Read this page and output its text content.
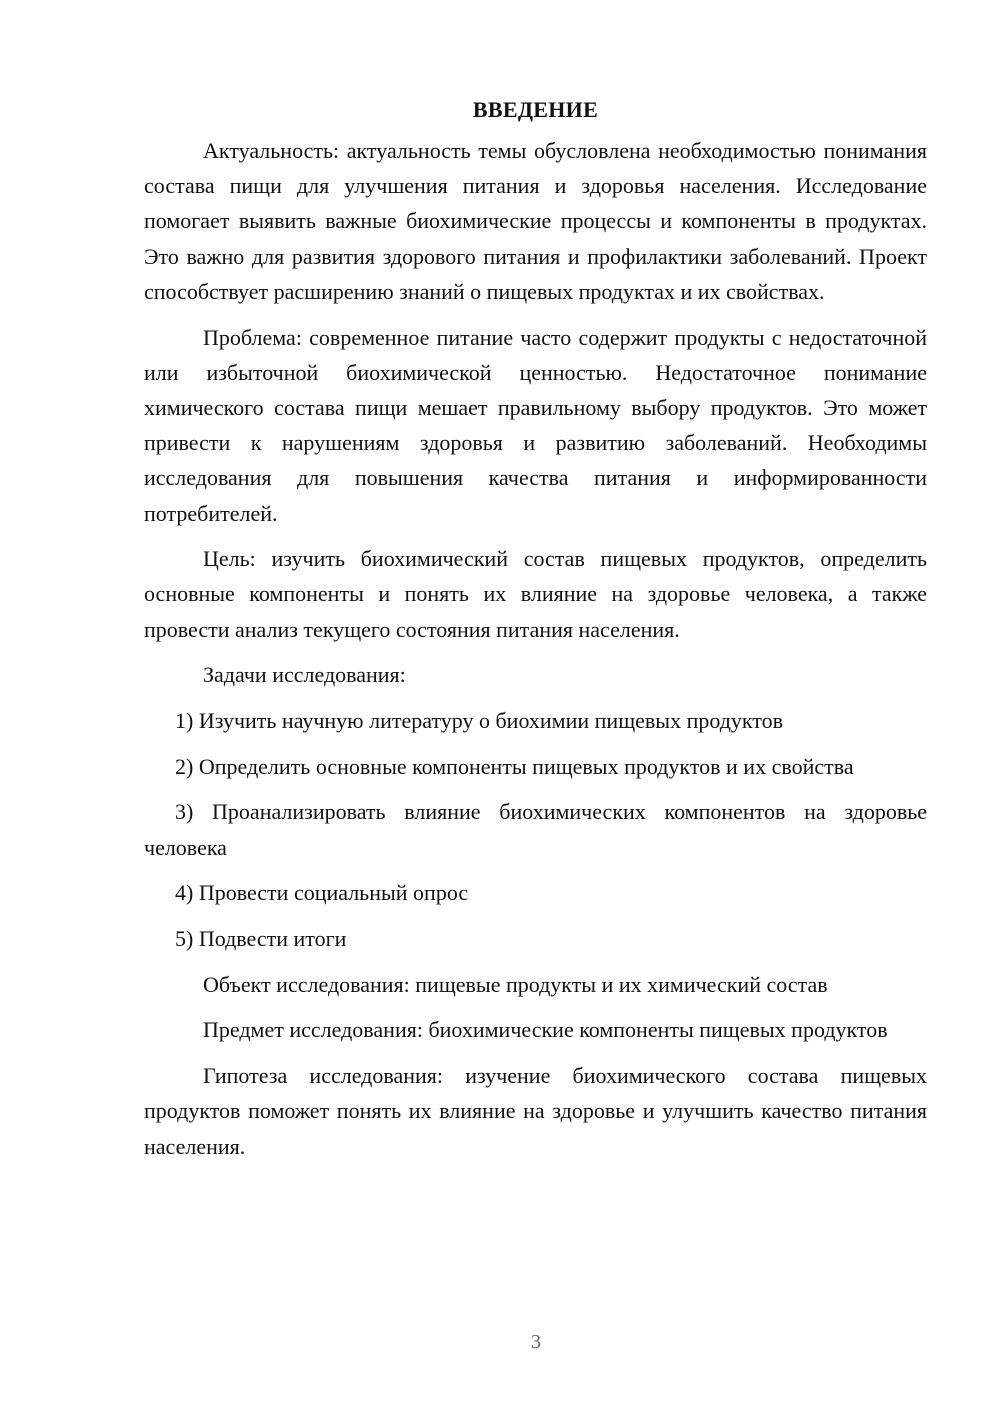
ВВЕДЕНИЕ

Актуальность: актуальность темы обусловлена необходимостью понимания состава пищи для улучшения питания и здоровья населения. Исследование помогает выявить важные биохимические процессы и компоненты в продуктах. Это важно для развития здорового питания и профилактики заболеваний. Проект способствует расширению знаний о пищевых продуктах и их свойствах.

Проблема: современное питание часто содержит продукты с недостаточной или избыточной биохимической ценностью. Недостаточное понимание химического состава пищи мешает правильному выбору продуктов. Это может привести к нарушениям здоровья и развитию заболеваний. Необходимы исследования для повышения качества питания и информированности потребителей.

Цель: изучить биохимический состав пищевых продуктов, определить основные компоненты и понять их влияние на здоровье человека, а также провести анализ текущего состояния питания населения.

Задачи исследования:

1) Изучить научную литературу о биохимии пищевых продуктов

2) Определить основные компоненты пищевых продуктов и их свойства

3) Проанализировать влияние биохимических компонентов на здоровье человека

4) Провести социальный опрос

5) Подвести итоги

Объект исследования: пищевые продукты и их химический состав

Предмет исследования: биохимические компоненты пищевых продуктов

Гипотеза исследования: изучение биохимического состава пищевых продуктов поможет понять их влияние на здоровье и улучшить качество питания населения.

3
